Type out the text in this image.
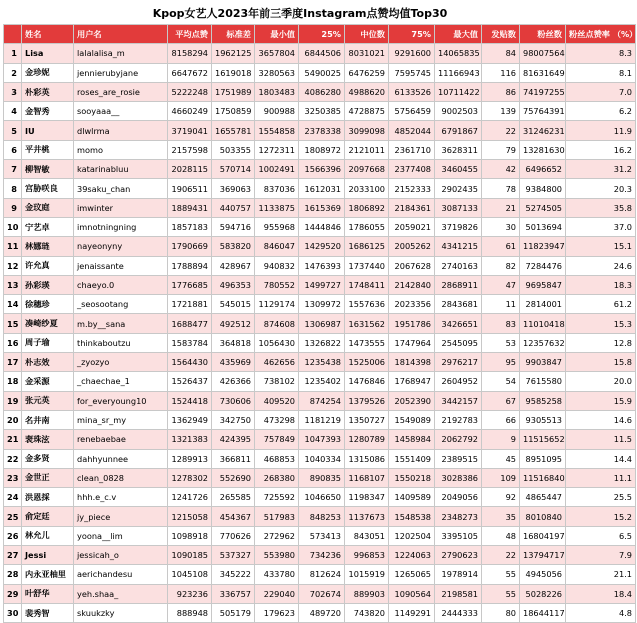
Kpop女艺人2023年前三季度Instagram点赞均值Top30
	姓名	用户名	平均点赞	标准差	最小值	25%	中位数	75%	最大值	发贴数	粉丝数	粉丝点赞率 （%）
1	Lisa	lalalalisa_m	8158294	1962125	3657804	6844506	8031021	9291600	14065835	84	98007564	8.3
2	金珍妮	jennierubyjane	6647672	1619018	3280563	5490025	6476259	7595745	11166943	116	81631649	8.1
3	朴彩英	roses_are_rosie	5222248	1751989	1803483	4086280	4988620	6133526	10711422	86	74197255	7.0
4	金智秀	sooyaaa__	4660249	1750859	900988	3250385	4728875	5756459	9002503	139	75764391	6.2
5	IU	dlwlrma	3719041	1655781	1554858	2378338	3099098	4852044	6791867	22	31246231	11.9
6	平井桃	momo	2157598	503355	1272311	1808972	2121011	2361710	3628311	79	13281630	16.2
7	柳智敏	katarinabluu	2028115	570714	1002491	1566396	2097668	2377408	3460455	42	6496652	31.2
8	宫胁咲良	39saku_chan	1906511	369063	837036	1612031	2033100	2152333	2902435	78	9384800	20.3
9	金玟庭	imwinter	1889431	440757	1133875	1615369	1806892	2184361	3087133	21	5274505	35.8
10	宁艺卓	imnotningning	1857183	594716	955968	1444846	1786055	2059021	3719826	30	5013694	37.0
11	林娜琏	nayeonyny	1790669	583820	846047	1429520	1686125	2005262	4341215	61	11823947	15.1
12	许允真	jenaissante	1788894	428967	940832	1476393	1737440	2067628	2740163	82	7284476	24.6
13	孙彩瑛	chaeyo.0	1776685	496353	780552	1499727	1748411	2142840	2868911	47	9695847	18.3
14	徐穗珍	_seosootang	1721881	545015	1129174	1309972	1557636	2023356	2843681	11	2814001	61.2
15	凑崎纱夏	m.by__sana	1688477	492512	874608	1306987	1631562	1951786	3426651	83	11010418	15.3
16	周子瑜	thinkaboutzu	1583784	364818	1056430	1326822	1473555	1747964	2545095	53	12357632	12.8
17	朴志效	_zyozyo	1564430	435969	462656	1235438	1525006	1814398	2976217	95	9903847	15.8
18	金采源	_chaechae_1	1526437	426366	738102	1235402	1476846	1768947	2604952	54	7615580	20.0
19	张元英	for_everyoung10	1524418	730606	409520	874254	1379526	2052390	3442157	67	9585258	15.9
20	名井南	mina_sr_my	1362949	342750	473298	1181219	1350727	1549089	2192783	66	9305513	14.6
21	裵珠泫	renebaebae	1321383	424395	757849	1047393	1280789	1458984	2062792	9	11515652	11.5
22	金多贤	dahhyunnee	1289913	366811	468853	1040334	1315086	1551409	2389515	45	8951095	14.4
23	金世正	clean_0828	1278302	552690	268380	890835	1168107	1550218	3028386	109	11516840	11.1
24	洪恩採	hhh.e_c.v	1241726	265585	725592	1046650	1198347	1409589	2049056	92	4865447	25.5
25	俞定廷	jy_piece	1215058	454367	517983	848253	1137673	1548538	2348273	35	8010840	15.2
26	林允儿	yoona__lim	1098918	770626	272962	573413	843051	1202504	3395105	48	16804197	6.5
27	Jessi	jessicah_o	1090185	537327	553980	734236	996853	1224063	2790623	22	13794717	7.9
28	内永亚柚里	aerichandesu	1045108	345222	433780	812624	1015919	1265065	1978914	55	4945056	21.1
29	叶舒华	yeh.shaa_	923236	336757	229040	702674	889903	1090564	2198581	55	5028226	18.4
30	裴秀智	skuukzky	888948	505179	179623	489720	743820	1149291	2444333	80	18644117	4.8
